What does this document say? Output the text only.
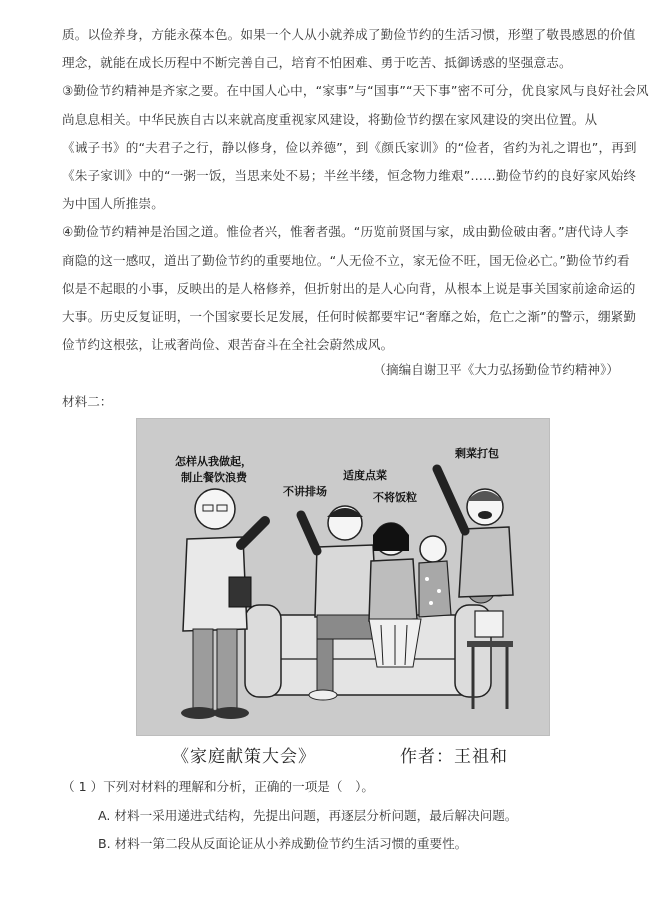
质。以俭养身，方能永葆本色。如果一个人从小就养成了勤俭节约的生活习惯，形塑了敬畏感恩的价值
理念，就能在成长历程中不断完善自己，培育不怕困难、勇于吃苦、抵御诱惑的坚强意志。
③勤俭节约精神是齐家之要。在中国人心中，“家事”与“国事”“天下事”密不可分，优良家风与良好社会风
尚息息相关。中华民族自古以来就高度重视家风建设，将勤俭节约摆在家风建设的突出位置。从
《诫子书》的“夫君子之行，静以修身，俭以养德”，到《颜氏家训》的“俭者，省约为礼之谓也”，再到
《朱子家训》中的“一粥一饭，当思来处不易；半丝半缕，恒念物力维艰”……勤俭节约的良好家风始终
为中国人所推崇。
④勤俭节约精神是治国之道。惟俭者兴，惟奢者强。“历览前贤国与家，成由勤俭破由奢。”唐代诗人李
商隐的这一感叹，道出了勤俭节约的重要地位。“人无俭不立，家无俭不旺，国无俭必亡。”勤俭节约看
似是不起眼的小事，反映出的是人格修养，但折射出的是人心向背，从根本上说是事关国家前途命运的
大事。历史反复证明，一个国家要长足发展，任何时候都要牢记“奢靡之始，危亡之渐”的警示，绷紧勤
俭节约这根弦，让戒奢尚俭、艰苦奋斗在全社会蔚然成风。
（摘编自谢卫平《大力弘扬勤俭节约精神》）
材料二：
怎样从我做起，
制止餐饮浪费
不讲排场
适度点菜
不将饭粒
剩菜打包
《家庭献策大会》	作者：王祖和
（ 1 ）下列对材料的理解和分析，正确的一项是（　）。
A. 材料一采用递进式结构，先提出问题，再逐层分析问题，最后解决问题。
B. 材料一第二段从反面论证从小养成勤俭节约生活习惯的重要性。
